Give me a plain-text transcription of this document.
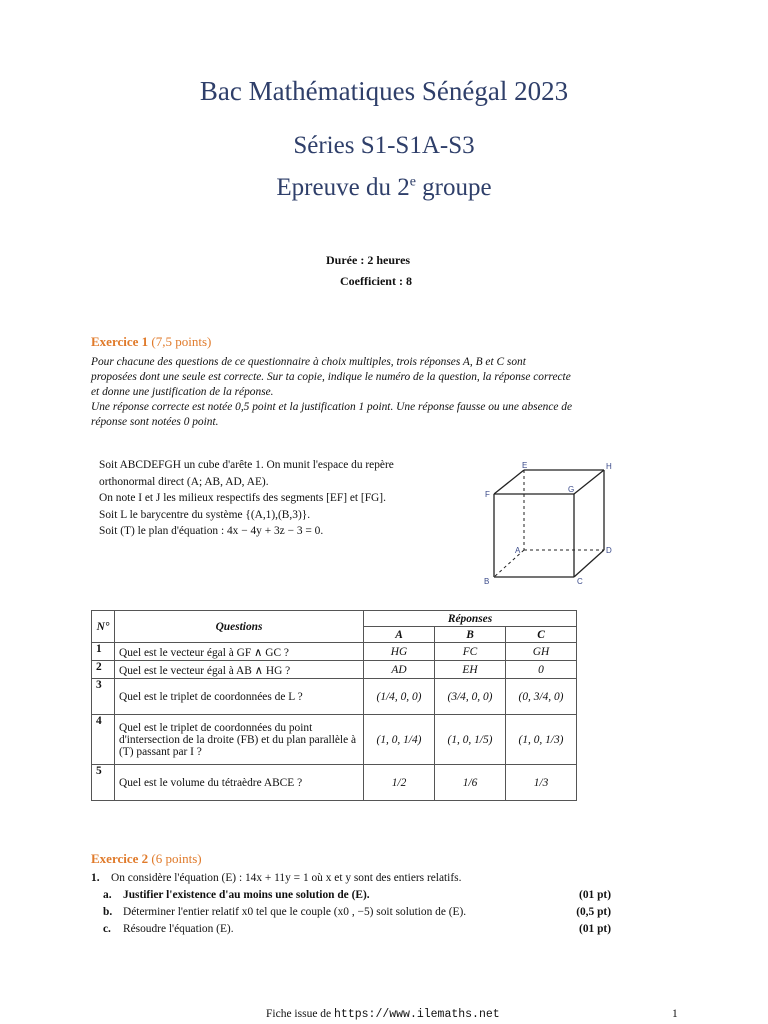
Bac Mathématiques Sénégal 2023
Séries S1-S1A-S3
Epreuve du 2e groupe
Durée : 2 heures
Coefficient : 8
Exercice 1 (7,5 points)

Pour chacune des questions de ce questionnaire à choix multiples, trois réponses A, B et C sont

proposées dont une seule est correcte. Sur ta copie, indique le numéro de la question, la réponse correcte

et donne une justification de la réponse.

Une réponse correcte est notée 0,5 point et la justification 1 point. Une réponse fausse ou une absence de

réponse sont notées 0 point.

Soit ABCDEFGH un cube d'arête 1. On munit l'espace du repère

orthonormal direct (A; AB, AD, AE).

On note I et J les milieux respectifs des segments [EF] et [FG].

Soit L le barycentre du système {(A,1),(B,3)}.

Soit (T) le plan d'équation : 4x − 4y + 3z − 3 = 0.

E	H
F
G
A	D
B	C
N°	Questions	Réponses		
		A	B	C
1	Quel est le vecteur égal à GF ∧ GC ?	HG	FC	GH
2	Quel est le vecteur égal à AB ∧ HG ?	AD	EH	0
3	Quel est le triplet de coordonnées de L ?	(1/4, 0, 0)	(3/4, 0, 0)	(0, 3/4, 0)
4	Quel est le triplet de coordonnées du point d'intersection de la droite (FB) et du plan parallèle à (T) passant par I ?	(1, 0, 1/4)	(1, 0, 1/5)	(1, 0, 1/3)
5	Quel est le volume du tétraèdre ABCE ?	1/2	1/6	1/3
Exercice 2 (6 points)
1.	On considère l'équation (E) : 14x + 11y = 1 où x et y sont des entiers relatifs.
a.	Justifier l'existence d'au moins une solution de (E).	(01 pt)
b. Déterminer l'entier relatif x0 tel que le couple (x0 , −5) soit solution de (E).	(0,5 pt)
c.	Résoudre l'équation (E).	(01 pt)
Fiche issue de https://www.ilemaths.net	1
